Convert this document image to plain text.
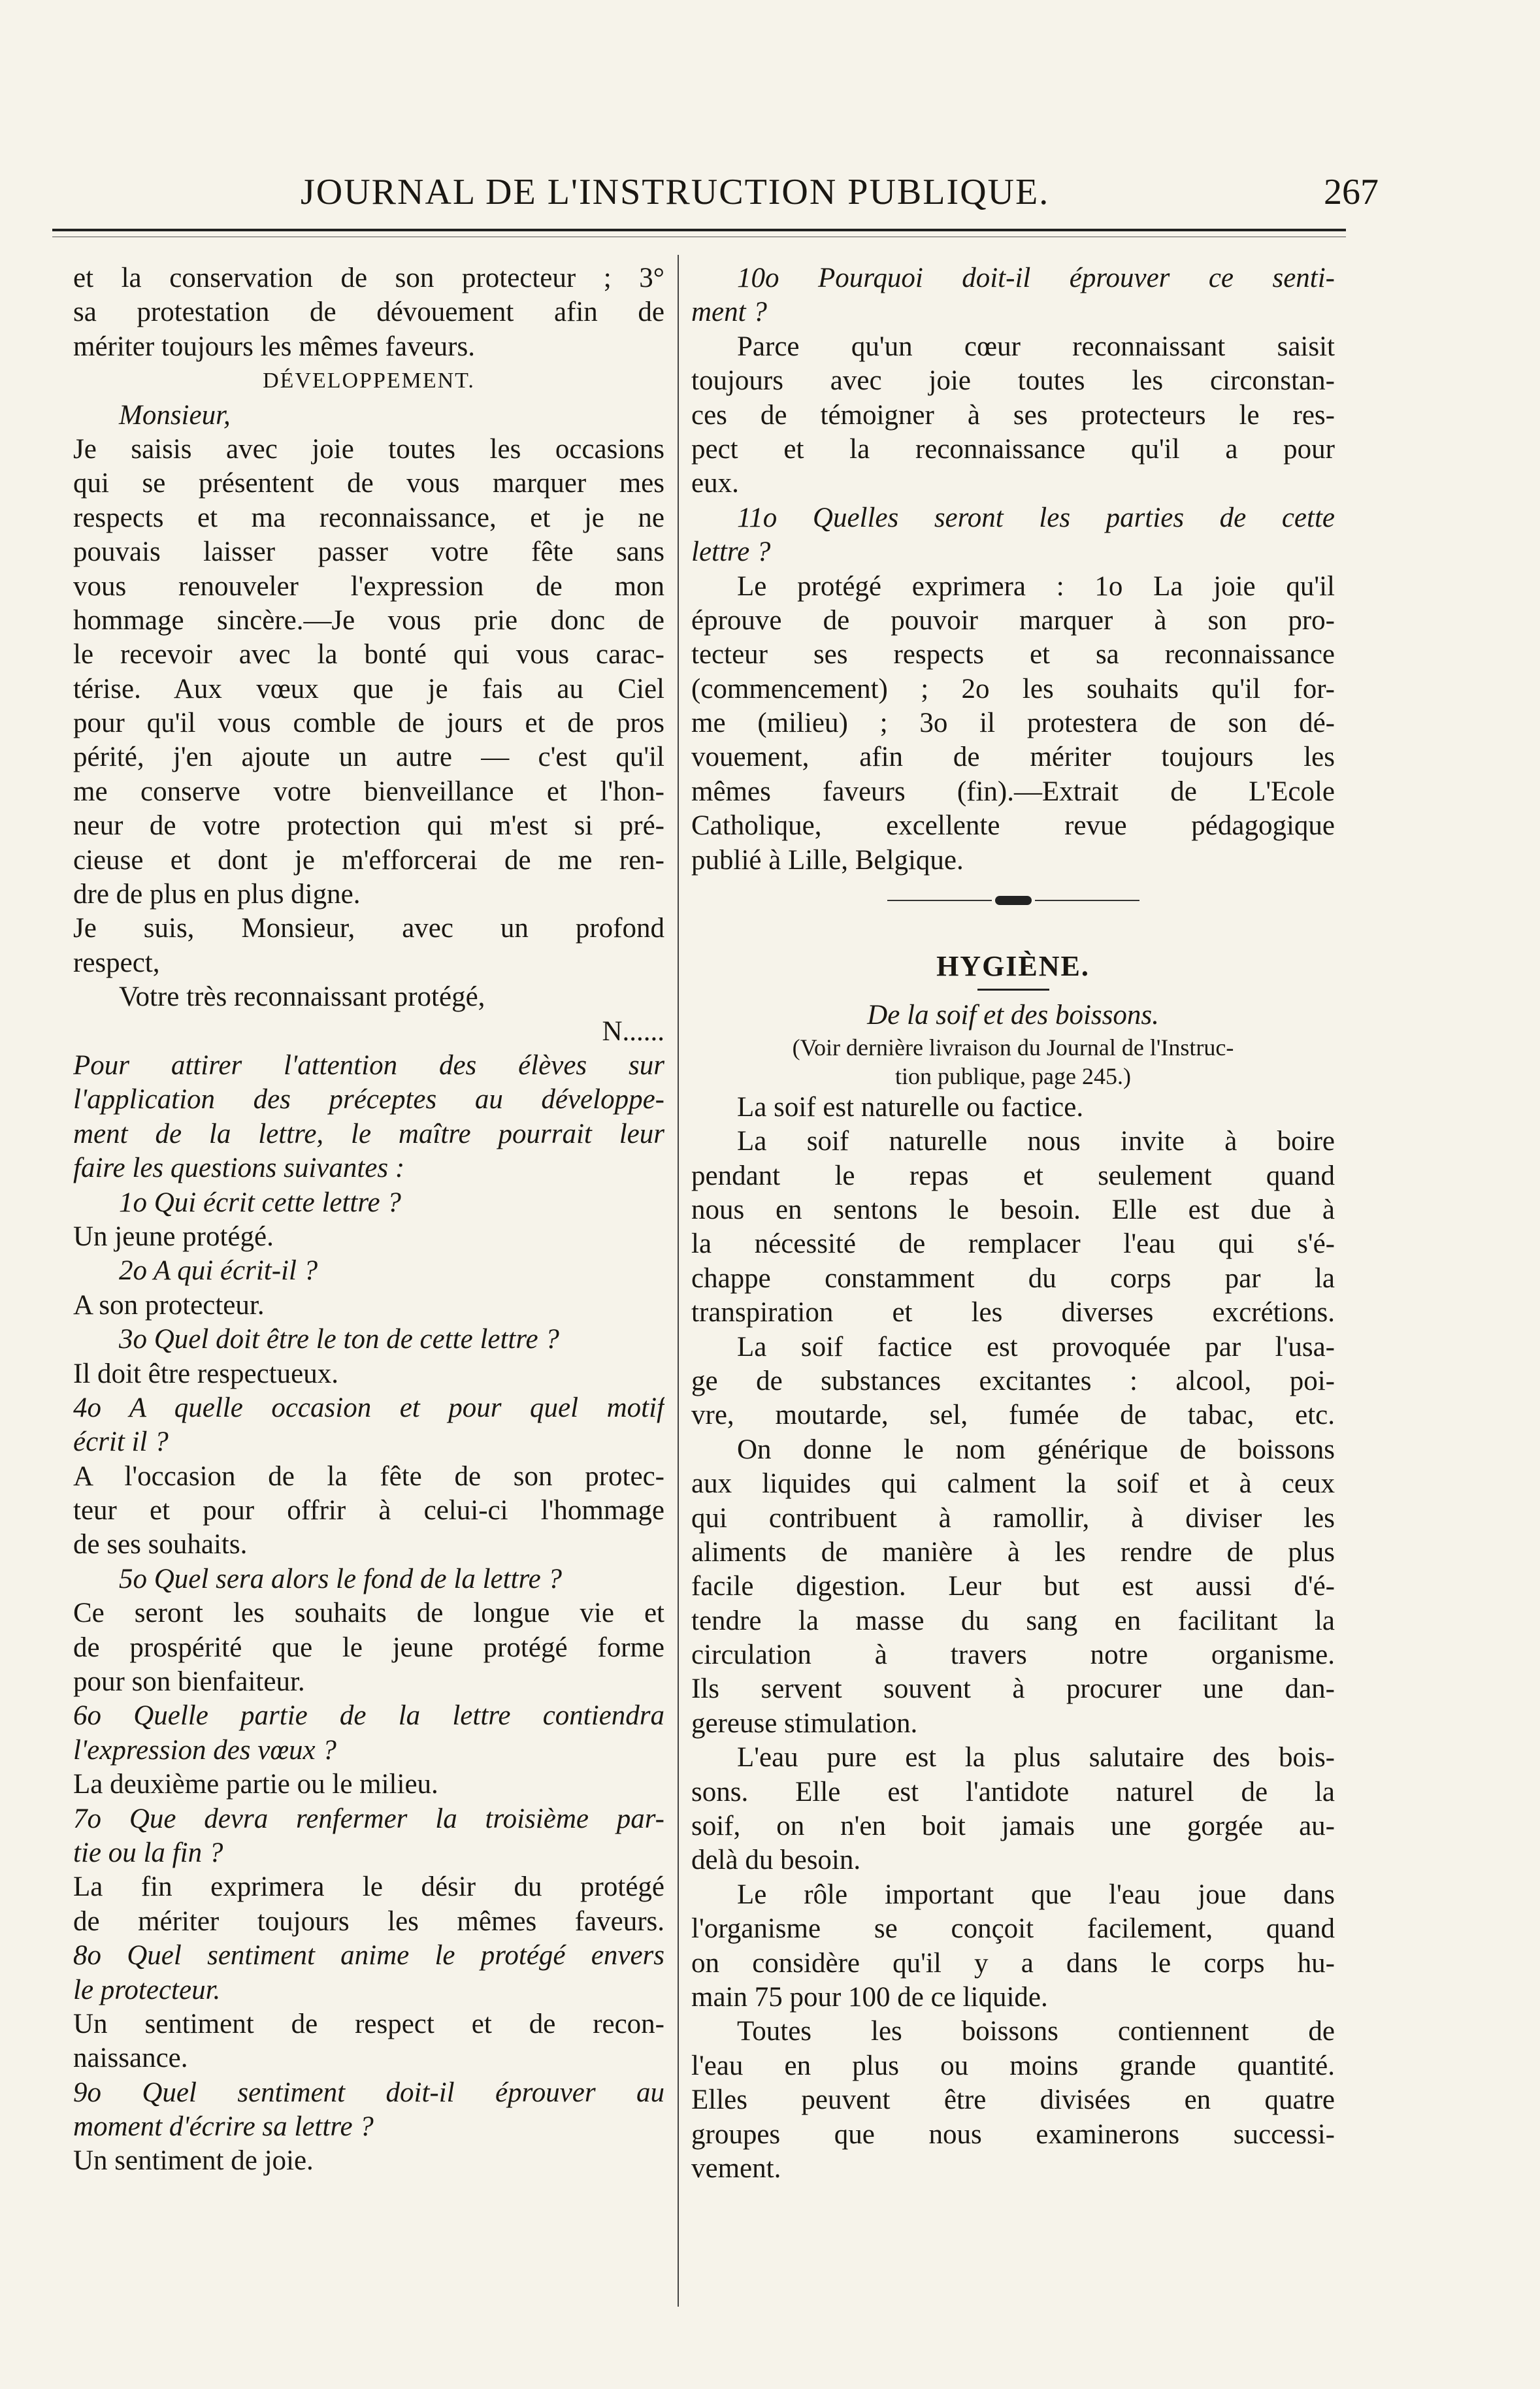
JOURNAL DE L'INSTRUCTION PUBLIQUE.	267
et la conservation de son protecteur ; 3°
sa protestation de dévouement afin de
mériter toujours les mêmes faveurs.
DÉVELOPPEMENT.
Monsieur,
Je saisis avec joie toutes les occasions
qui se présentent de vous marquer mes
respects et ma reconnaissance, et je ne
pouvais laisser passer votre fête sans
vous renouveler l'expression de mon
hommage sincère.—Je vous prie donc de
le recevoir avec la bonté qui vous carac-
térise. Aux vœux que je fais au Ciel
pour qu'il vous comble de jours et de pros
périté, j'en ajoute un autre — c'est qu'il
me conserve votre bienveillance et l'hon-
neur de votre protection qui m'est si pré-
cieuse et dont je m'efforcerai de me ren-
dre de plus en plus digne.
Je suis, Monsieur, avec un profond
respect,
Votre très reconnaissant protégé,
N......
Pour attirer l'attention des élèves sur
l'application des préceptes au développe-
ment de la lettre, le maître pourrait leur
faire les questions suivantes :
1o Qui écrit cette lettre ?
Un jeune protégé.
2o A qui écrit-il ?
A son protecteur.
3o Quel doit être le ton de cette lettre ?
Il doit être respectueux.
4o A quelle occasion et pour quel motif
écrit il ?
A l'occasion de la fête de son protec-
teur et pour offrir à celui-ci l'hommage
de ses souhaits.
5o Quel sera alors le fond de la lettre ?
Ce seront les souhaits de longue vie et
de prospérité que le jeune protégé forme
pour son bienfaiteur.
6o Quelle partie de la lettre contiendra
l'expression des vœux ?
La deuxième partie ou le milieu.
7o Que devra renfermer la troisième par-
tie ou la fin ?
La fin exprimera le désir du protégé
de mériter toujours les mêmes faveurs.
8o Quel sentiment anime le protégé envers
le protecteur.
Un sentiment de respect et de recon-
naissance.
9o Quel sentiment doit-il éprouver au
moment d'écrire sa lettre ?
Un sentiment de joie.
10o Pourquoi doit-il éprouver ce senti-
ment ?
Parce qu'un cœur reconnaissant saisit
toujours avec joie toutes les circonstan-
ces de témoigner à ses protecteurs le res-
pect et la reconnaissance qu'il a pour
eux.
11o Quelles seront les parties de cette
lettre ?
Le protégé exprimera : 1o La joie qu'il
éprouve de pouvoir marquer à son pro-
tecteur ses respects et sa reconnaissance
(commencement) ; 2o les souhaits qu'il for-
me (milieu) ; 3o il protestera de son dé-
vouement, afin de mériter toujours les
mêmes faveurs (fin).—Extrait de L'Ecole
Catholique, excellente revue pédagogique
publié à Lille, Belgique.
HYGIÈNE.
De la soif et des boissons.
(Voir dernière livraison du Journal de l'Instruc-
tion publique, page 245.)
La soif est naturelle ou factice.
La soif naturelle nous invite à boire
pendant le repas et seulement quand
nous en sentons le besoin. Elle est due à
la nécessité de remplacer l'eau qui s'é-
chappe constamment du corps par la
transpiration et les diverses excrétions.
La soif factice est provoquée par l'usa-
ge de substances excitantes : alcool, poi-
vre, moutarde, sel, fumée de tabac, etc.
On donne le nom générique de boissons
aux liquides qui calment la soif et à ceux
qui contribuent à ramollir, à diviser les
aliments de manière à les rendre de plus
facile digestion. Leur but est aussi d'é-
tendre la masse du sang en facilitant la
circulation à travers notre organisme.
Ils servent souvent à procurer une dan-
gereuse stimulation.
L'eau pure est la plus salutaire des bois-
sons. Elle est l'antidote naturel de la
soif, on n'en boit jamais une gorgée au-
delà du besoin.
Le rôle important que l'eau joue dans
l'organisme se conçoit facilement, quand
on considère qu'il y a dans le corps hu-
main 75 pour 100 de ce liquide.
Toutes les boissons contiennent de
l'eau en plus ou moins grande quantité.
Elles peuvent être divisées en quatre
groupes que nous examinerons successi-
vement.
